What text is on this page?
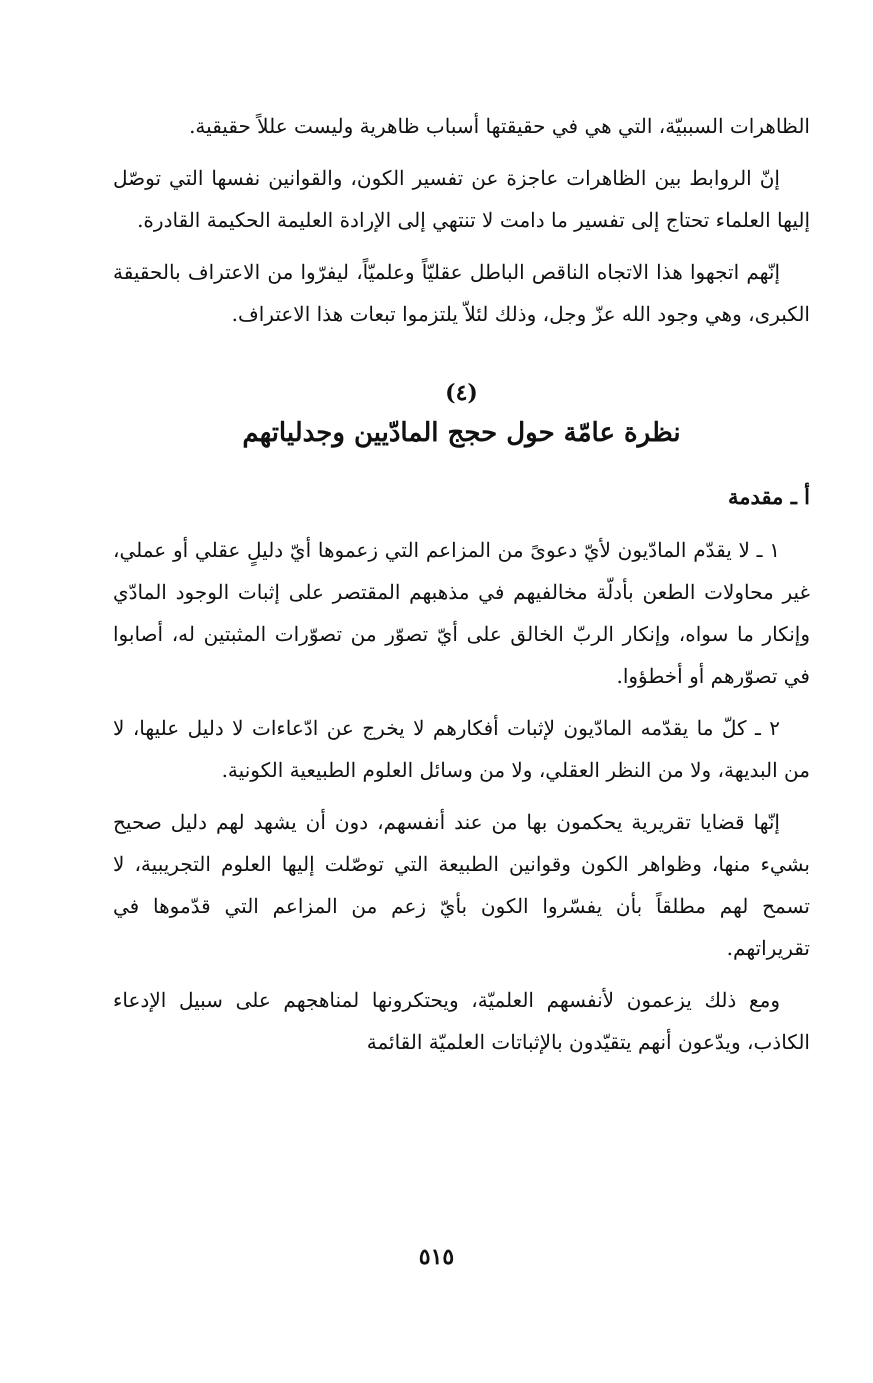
الظاهرات السببيّة، التي هي في حقيقتها أسباب ظاهرية وليست عللاً حقيقية.

إنّ الروابط بين الظاهرات عاجزة عن تفسير الكون، والقوانين نفسها التي توصّل إليها العلماء تحتاج إلى تفسير ما دامت لا تنتهي إلى الإرادة العليمة الحكيمة القادرة.

إنّهم اتجهوا هذا الاتجاه الناقص الباطل عقليّاً وعلميّاً، ليفرّوا من الاعتراف بالحقيقة الكبرى، وهي وجود الله عزّ وجل، وذلك لئلاّ يلتزموا تبعات هذا الاعتراف.

(٤)
نظرة عامّة حول حجج المادّيين وجدلياتهم
أ ـ مقدمة

١ ـ لا يقدّم المادّيون لأيّ دعوىً من المزاعم التي زعموها أيّ دليلٍ عقلي أو عملي، غير محاولات الطعن بأدلّة مخالفيهم في مذهبهم المقتصر على إثبات الوجود المادّي وإنكار ما سواه، وإنكار الربّ الخالق على أيّ تصوّر من تصوّرات المثبتين له، أصابوا في تصوّرهم أو أخطؤوا.

٢ ـ كلّ ما يقدّمه المادّيون لإثبات أفكارهم لا يخرج عن ادّعاءات لا دليل عليها، لا من البديهة، ولا من النظر العقلي، ولا من وسائل العلوم الطبيعية الكونية.

إنّها قضايا تقريرية يحكمون بها من عند أنفسهم، دون أن يشهد لهم دليل صحيح بشيء منها، وظواهر الكون وقوانين الطبيعة التي توصّلت إليها العلوم التجريبية، لا تسمح لهم مطلقاً بأن يفسّروا الكون بأيّ زعم من المزاعم التي قدّموها في تقريراتهم.

ومع ذلك يزعمون لأنفسهم العلميّة، ويحتكرونها لمناهجهم على سبيل الإدعاء الكاذب، ويدّعون أنهم يتقيّدون بالإثباتات العلميّة القائمة

٥١٥
